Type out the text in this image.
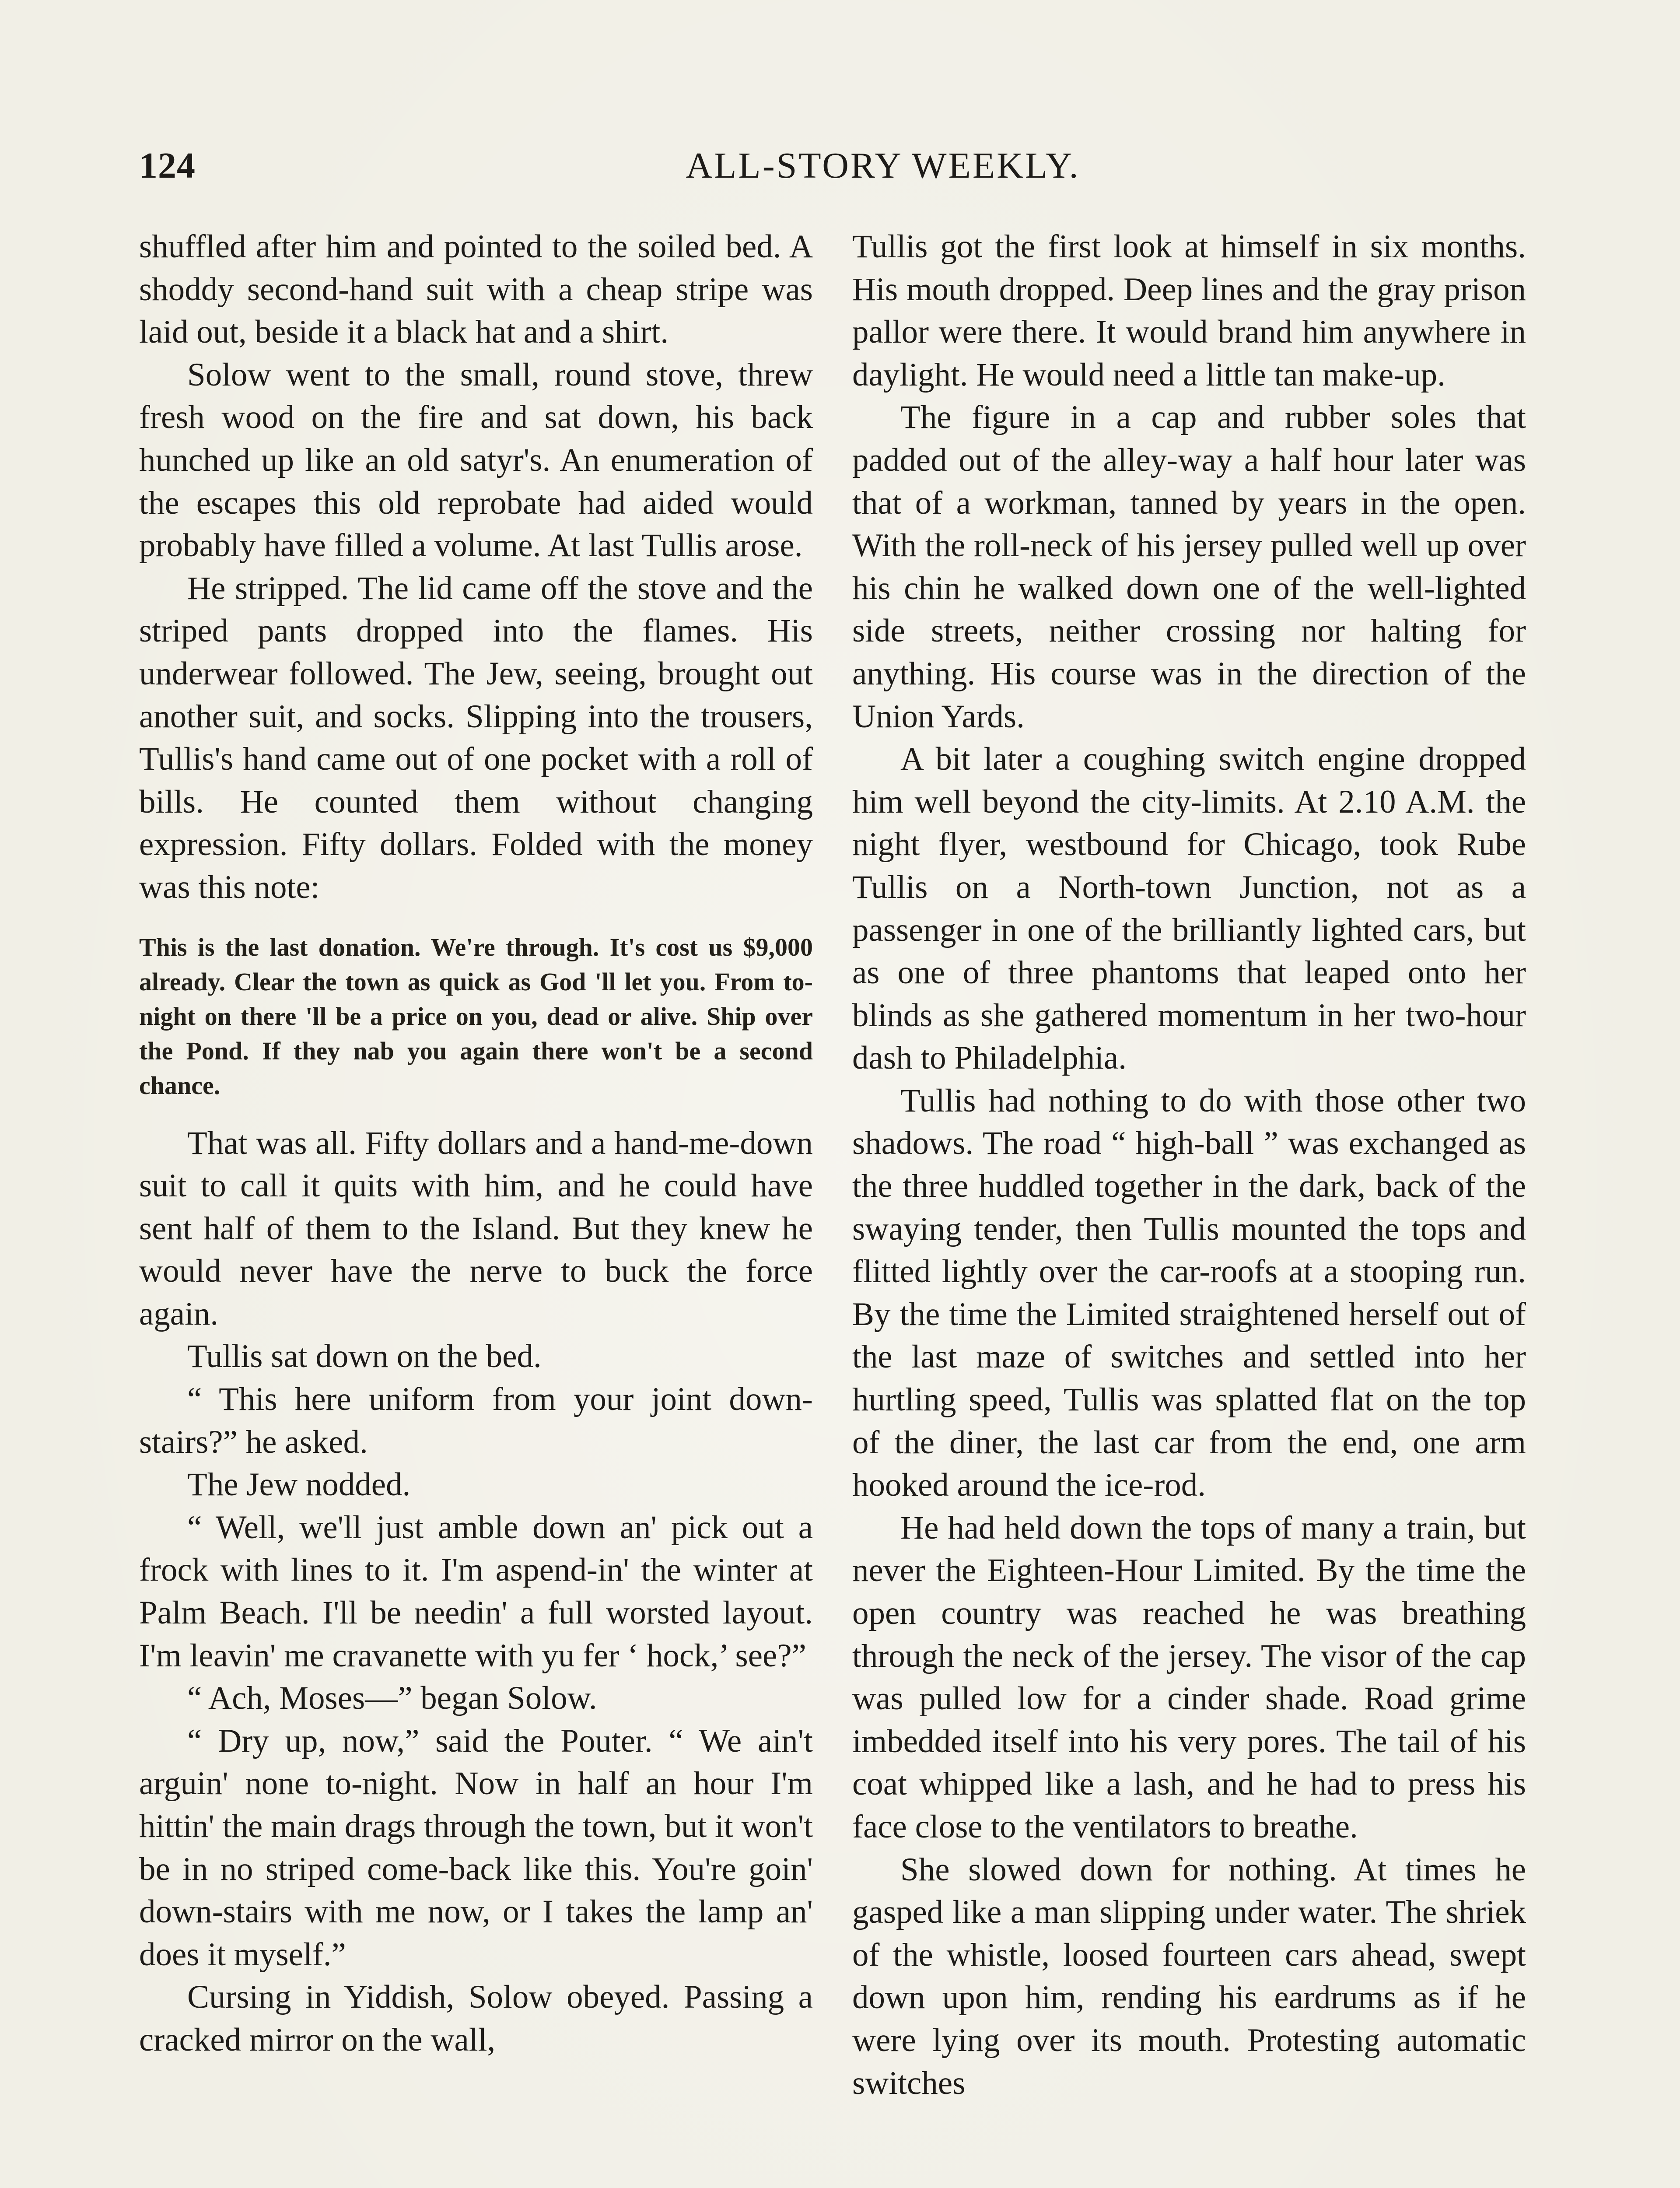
124	ALL-STORY WEEKLY.

shuffled after him and pointed to the soiled bed. A shoddy second-hand suit with a cheap stripe was laid out, beside it a black hat and a shirt.

Solow went to the small, round stove, threw fresh wood on the fire and sat down, his back hunched up like an old satyr's. An enumeration of the escapes this old reprobate had aided would probably have filled a volume. At last Tullis arose.

He stripped. The lid came off the stove and the striped pants dropped into the flames. His underwear followed. The Jew, seeing, brought out another suit, and socks. Slipping into the trousers, Tullis's hand came out of one pocket with a roll of bills. He counted them without changing expression. Fifty dollars. Folded with the money was this note:

This is the last donation. We're through. It's cost us $9,000 already. Clear the town as quick as God 'll let you. From to-night on there 'll be a price on you, dead or alive. Ship over the Pond. If they nab you again there won't be a second chance.

That was all. Fifty dollars and a hand-me-down suit to call it quits with him, and he could have sent half of them to the Island. But they knew he would never have the nerve to buck the force again.

Tullis sat down on the bed.

“ This here uniform from your joint down-stairs?” he asked.

The Jew nodded.

“ Well, we'll just amble down an' pick out a frock with lines to it. I'm aspend-in' the winter at Palm Beach. I'll be needin' a full worsted layout. I'm leavin' me cravanette with yu fer ‘ hock,’ see?”

“ Ach, Moses—” began Solow.

“ Dry up, now,” said the Pouter. “ We ain't arguin' none to-night. Now in half an hour I'm hittin' the main drags through the town, but it won't be in no striped come-back like this. You're goin' down-stairs with me now, or I takes the lamp an' does it myself.”

Cursing in Yiddish, Solow obeyed. Passing a cracked mirror on the wall,

Tullis got the first look at himself in six months. His mouth dropped. Deep lines and the gray prison pallor were there. It would brand him anywhere in daylight. He would need a little tan make-up.

The figure in a cap and rubber soles that padded out of the alley-way a half hour later was that of a workman, tanned by years in the open. With the roll-neck of his jersey pulled well up over his chin he walked down one of the well-lighted side streets, neither crossing nor halting for anything. His course was in the direction of the Union Yards.

A bit later a coughing switch engine dropped him well beyond the city-limits. At 2.10 A.M. the night flyer, westbound for Chicago, took Rube Tullis on a North-town Junction, not as a passenger in one of the brilliantly lighted cars, but as one of three phantoms that leaped onto her blinds as she gathered momentum in her two-hour dash to Philadelphia.

Tullis had nothing to do with those other two shadows. The road “ high-ball ” was exchanged as the three huddled together in the dark, back of the swaying tender, then Tullis mounted the tops and flitted lightly over the car-roofs at a stooping run. By the time the Limited straightened herself out of the last maze of switches and settled into her hurtling speed, Tullis was splatted flat on the top of the diner, the last car from the end, one arm hooked around the ice-rod.

He had held down the tops of many a train, but never the Eighteen-Hour Limited. By the time the open country was reached he was breathing through the neck of the jersey. The visor of the cap was pulled low for a cinder shade. Road grime imbedded itself into his very pores. The tail of his coat whipped like a lash, and he had to press his face close to the ventilators to breathe.

She slowed down for nothing. At times he gasped like a man slipping under water. The shriek of the whistle, loosed fourteen cars ahead, swept down upon him, rending his eardrums as if he were lying over its mouth. Protesting automatic switches
